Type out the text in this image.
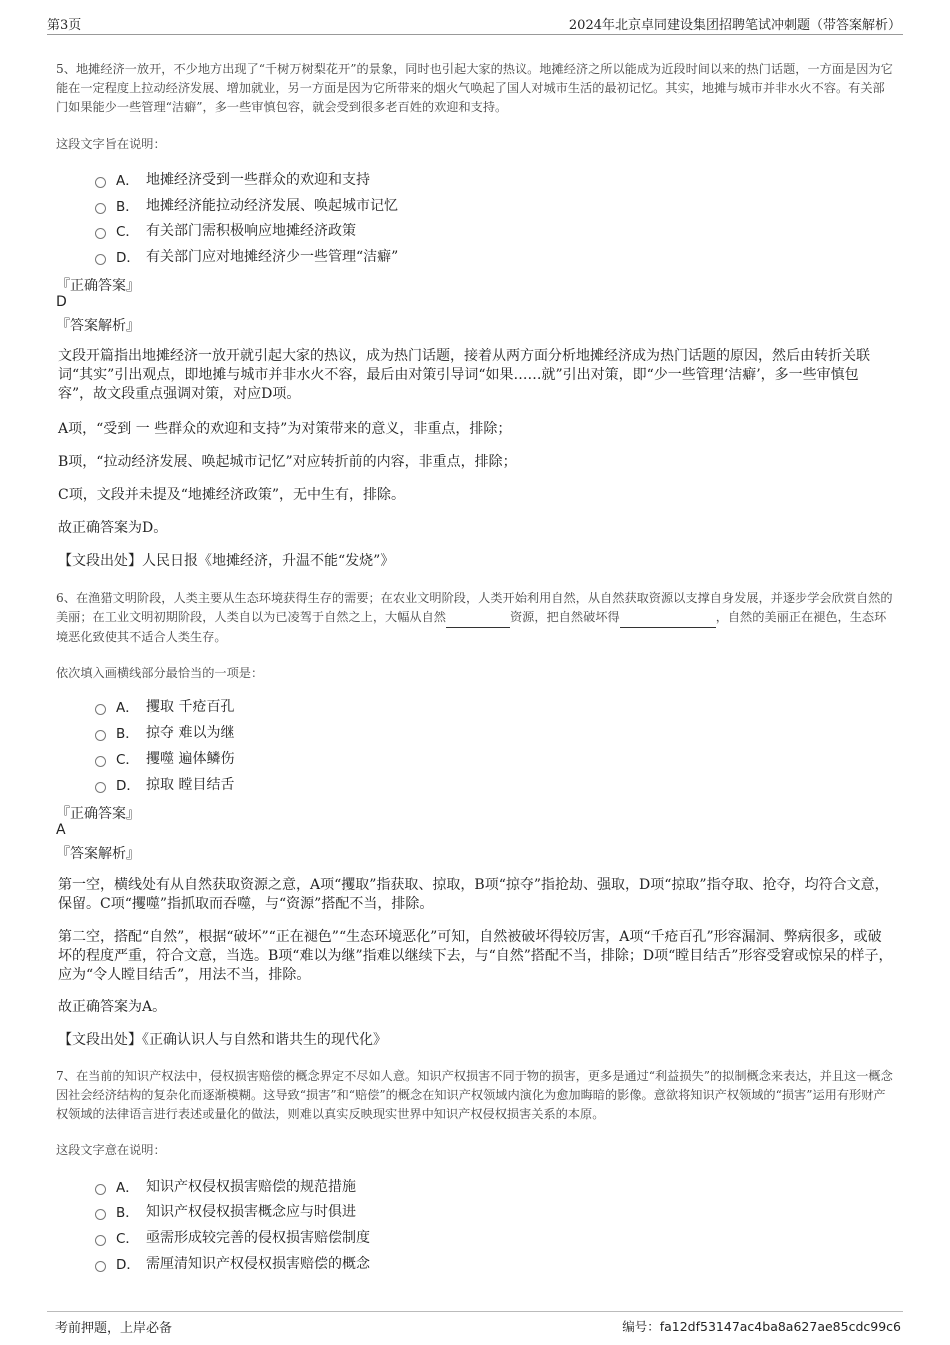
第3页	2024年北京卓同建设集团招聘笔试冲刺题（带答案解析）
5、地摊经济一放开，不少地方出现了“千树万树梨花开”的景象，同时也引起大家的热议。地摊经济之所以能成为近段时间以来的热门话题，一方面是因为它能在一定程度上拉动经济发展、增加就业，另一方面是因为它所带来的烟火气唤起了国人对城市生活的最初记忆。其实，地摊与城市并非水火不容。有关部门如果能少一些管理“洁癖”，多一些审慎包容，就会受到很多老百姓的欢迎和支持。
这段文字旨在说明：
A． 地摊经济受到一些群众的欢迎和支持
B． 地摊经济能拉动经济发展、唤起城市记忆
C． 有关部门需积极响应地摊经济政策
D． 有关部门应对地摊经济少一些管理“洁癖”
『正确答案』
D
『答案解析』
文段开篇指出地摊经济一放开就引起大家的热议，成为热门话题，接着从两方面分析地摊经济成为热门话题的原因，然后由转折关联词“其实”引出观点，即地摊与城市并非水火不容，最后由对策引导词“如果……就”引出对策，即“少一些管理‘洁癖’，多一些审慎包容”，故文段重点强调对策，对应D项。
A项，“受到 一 些群众的欢迎和支持”为对策带来的意义，非重点，排除；
B项，“拉动经济发展、唤起城市记忆”对应转折前的内容，非重点，排除；
C项，文段并未提及“地摊经济政策”，无中生有，排除。
故正确答案为D。
【文段出处】人民日报《地摊经济，升温不能“发烧”》
6、在渔猎文明阶段，人类主要从生态环境获得生存的需要；在农业文明阶段，人类开始利用自然，从自然获取资源以支撑自身发展，并逐步学会欣赏自然的美丽；在工业文明初期阶段，人类自以为已凌驾于自然之上，大幅从自然	资源，把自然破坏得	，自然的美丽正在褪色，生态环境恶化致使其不适合人类生存。
依次填入画横线部分最恰当的一项是：
A． 攫取 千疮百孔
B． 掠夺 难以为继
C． 攫噬 遍体鳞伤
D． 掠取 瞠目结舌
『正确答案』
A
『答案解析』
第一空，横线处有从自然获取资源之意，A项“攫取”指获取、掠取，B项“掠夺”指抢劫、强取，D项“掠取”指夺取、抢夺，均符合文意，保留。C项“攫噬”指抓取而吞噬，与“资源”搭配不当，排除。
第二空，搭配“自然”，根据“破坏”“正在褪色”“生态环境恶化”可知，自然被破坏得较厉害，A项“千疮百孔”形容漏洞、弊病很多，或破坏的程度严重，符合文意，当选。B项“难以为继”指难以继续下去，与“自然”搭配不当，排除；D项“瞠目结舌”形容受窘或惊呆的样子，应为“令人瞠目结舌”，用法不当，排除。
故正确答案为A。
【文段出处】《正确认识人与自然和谐共生的现代化》
7、在当前的知识产权法中，侵权损害赔偿的概念界定不尽如人意。知识产权损害不同于物的损害，更多是通过“利益损失”的拟制概念来表达，并且这一概念因社会经济结构的复杂化而逐渐模糊。这导致“损害”和“赔偿”的概念在知识产权领域内演化为愈加晦暗的影像。意欲将知识产权领域的“损害”运用有形财产权领域的法律语言进行表述或量化的做法，则难以真实反映现实世界中知识产权侵权损害关系的本原。
这段文字意在说明：
A． 知识产权侵权损害赔偿的规范措施
B． 知识产权侵权损害概念应与时俱进
C． 亟需形成较完善的侵权损害赔偿制度
D． 需厘清知识产权侵权损害赔偿的概念
考前押题，上岸必备	编号：fa12df53147ac4ba8a627ae85cdc99c6
